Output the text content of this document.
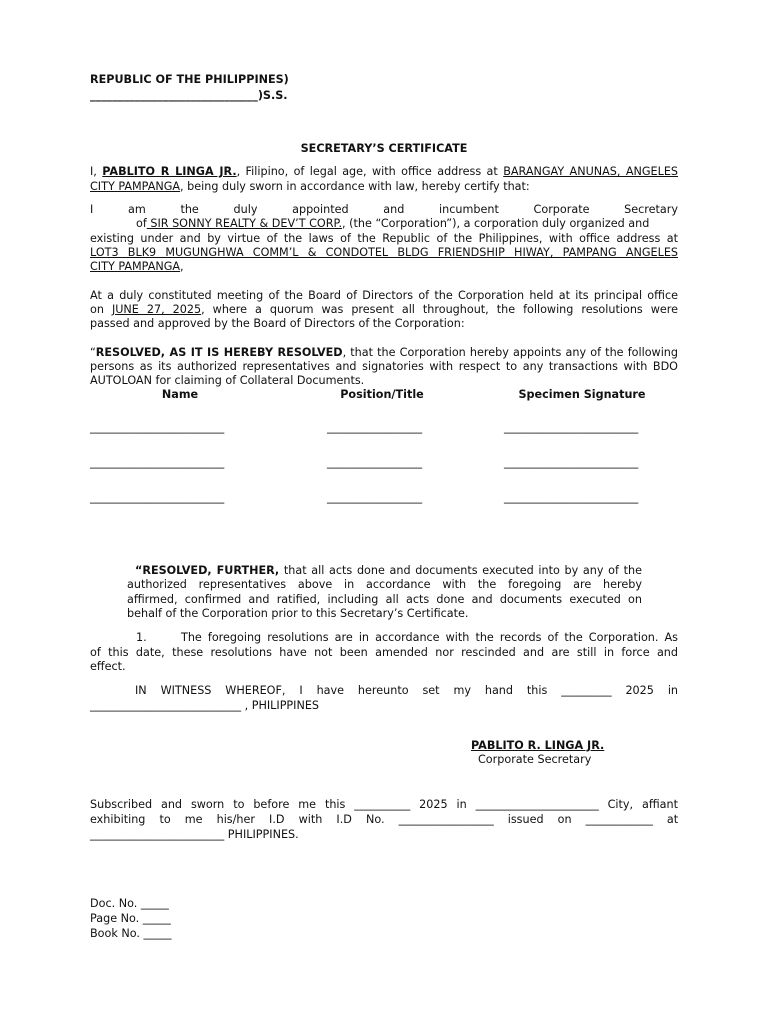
REPUBLIC OF THE PHILIPPINES)
______________________________)S.S.
SECRETARY’S CERTIFICATE
I, PABLITO R LINGA JR., Filipino, of legal age, with office address at BARANGAY ANUNAS, ANGELES
CITY PAMPANGA, being duly sworn in accordance with law, hereby certify that:
I	am	the	duly	appointed	and	incumbent	Corporate	Secretary
of SIR SONNY REALTY & DEV’T CORP., (the “Corporation”), a corporation duly organized and
existing under and by virtue of the laws of the Republic of the Philippines, with office address at
LOT3 BLK9 MUGUNGHWA COMM’L & CONDOTEL BLDG FRIENDSHIP HIWAY, PAMPANG ANGELES
CITY PAMPANGA,
At a duly constituted meeting of the Board of Directors of the Corporation held at its principal office
on JUNE 27, 2025, where a quorum was present all throughout, the following resolutions were
passed and approved by the Board of Directors of the Corporation:
“RESOLVED, AS IT IS HEREBY RESOLVED, that the Corporation hereby appoints any of the following
persons as its authorized representatives and signatories with respect to any transactions with BDO
AUTOLOAN for claiming of Collateral Documents.
Name	Position/Title	Specimen Signature
________________________	_________________	________________________
________________________	_________________	________________________
________________________	_________________	________________________
“RESOLVED, FURTHER, that all acts done and documents executed into by any of the
authorized representatives above in accordance with the foregoing are hereby
affirmed, confirmed and ratified, including all acts done and documents executed on
behalf of the Corporation prior to this Secretary’s Certificate.
1.	The foregoing resolutions are in accordance with the records of the Corporation. As
of this date, these resolutions have not been amended nor rescinded and are still in force and
effect.
IN WITNESS WHEREOF, I have hereunto set my hand this _________ 2025 in
___________________________ , PHILIPPINES
PABLITO R. LINGA JR.
Corporate Secretary
Subscribed and sworn to before me this __________ 2025 in ______________________ City, affiant
exhibiting to me his/her I.D with I.D No. _________________ issued on ____________ at
________________________ PHILIPPINES.
Doc. No. _____
Page No. _____
Book No. _____
